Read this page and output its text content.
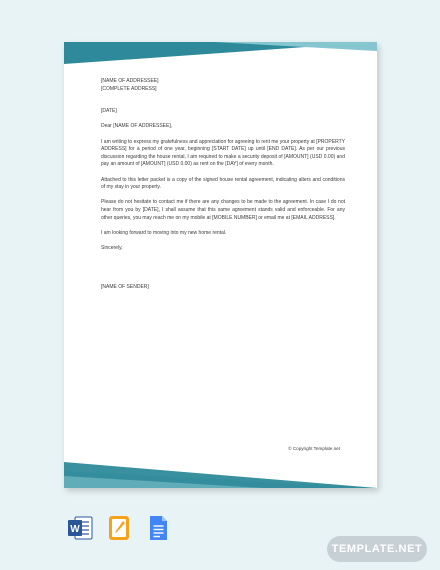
[NAME OF ADDRESSEE]
[COMPLETE ADDRESS]

[DATE]

Dear [NAME OF ADDRESSEE],

I am writing to express my gratefulness and appreciation for agreeing to rent me your property at [PROPERTY ADDRESS] for a period of one year, beginning [START DATE] up until [END DATE]. As per our previous discussion regarding the house rental, I am required to make a security deposit of [AMOUNT] (USD 0.00) and pay an amount of [AMOUNT] (USD 0.00) as rent on the [DAY] of every month.

Attached to this letter packet is a copy of the signed house rental agreement, indicating alters and conditions of my stay in your property.

Please do not hesitate to contact me if there are any changes to be made to the agreement. In case I do not hear from you by [DATE], I shall assume that this same agreement stands valid and enforceable. For any other queries, you may reach me on my mobile at [MOBILE NUMBER] or email me at [EMAIL ADDRESS].

I am looking forward to moving into my new home rental.

Sincerely,

[NAME OF SENDER]

© Copyright Template.net
W
TEMPLATE.NET
